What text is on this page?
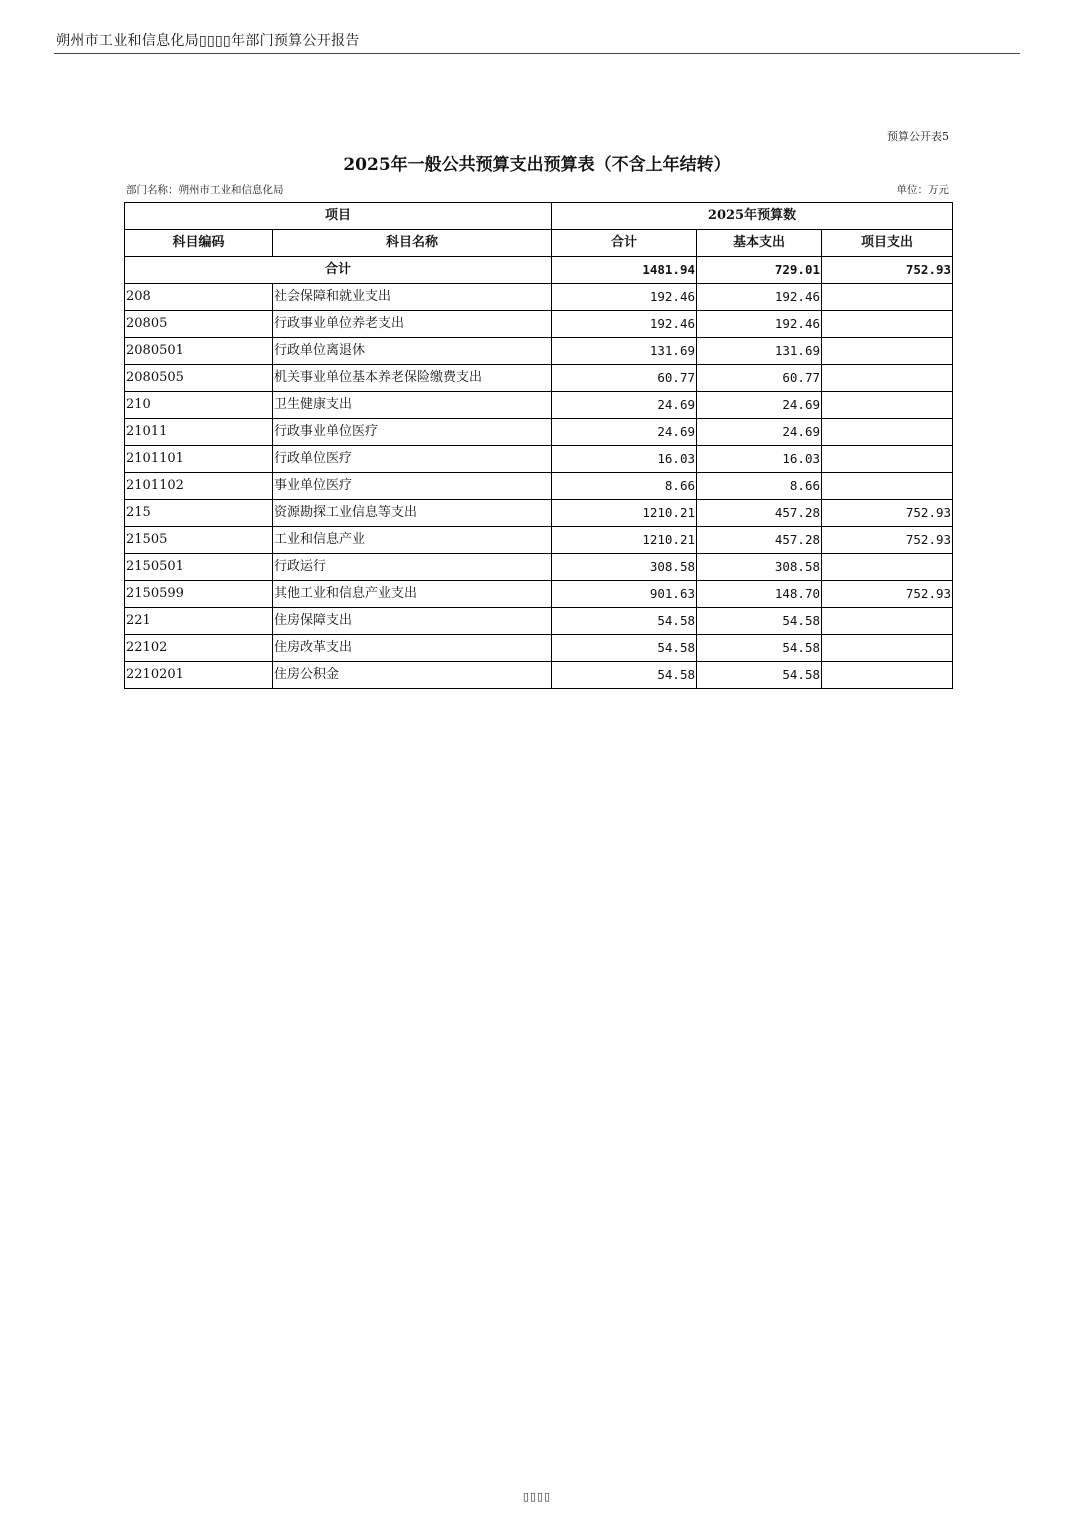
朔州市工业和信息化局▯▯▯▯年部门预算公开报告
预算公开表5
2025年一般公共预算支出预算表（不含上年结转）
部门名称：朔州市工业和信息化局	单位：万元
项目		2025年预算数		
科目编码	科目名称	合计	基本支出	项目支出
合计		1481.94	729.01	752.93
208	社会保障和就业支出	192.46	192.46	
20805	行政事业单位养老支出	192.46	192.46	
2080501	行政单位离退休	131.69	131.69	
2080505	机关事业单位基本养老保险缴费支出	60.77	60.77	
210	卫生健康支出	24.69	24.69	
21011	行政事业单位医疗	24.69	24.69	
2101101	行政单位医疗	16.03	16.03	
2101102	事业单位医疗	8.66	8.66	
215	资源勘探工业信息等支出	1210.21	457.28	752.93
21505	工业和信息产业	1210.21	457.28	752.93
2150501	行政运行	308.58	308.58	
2150599	其他工业和信息产业支出	901.63	148.70	752.93
221	住房保障支出	54.58	54.58	
22102	住房改革支出	54.58	54.58	
2210201	住房公积金	54.58	54.58	
▯▯▯▯
